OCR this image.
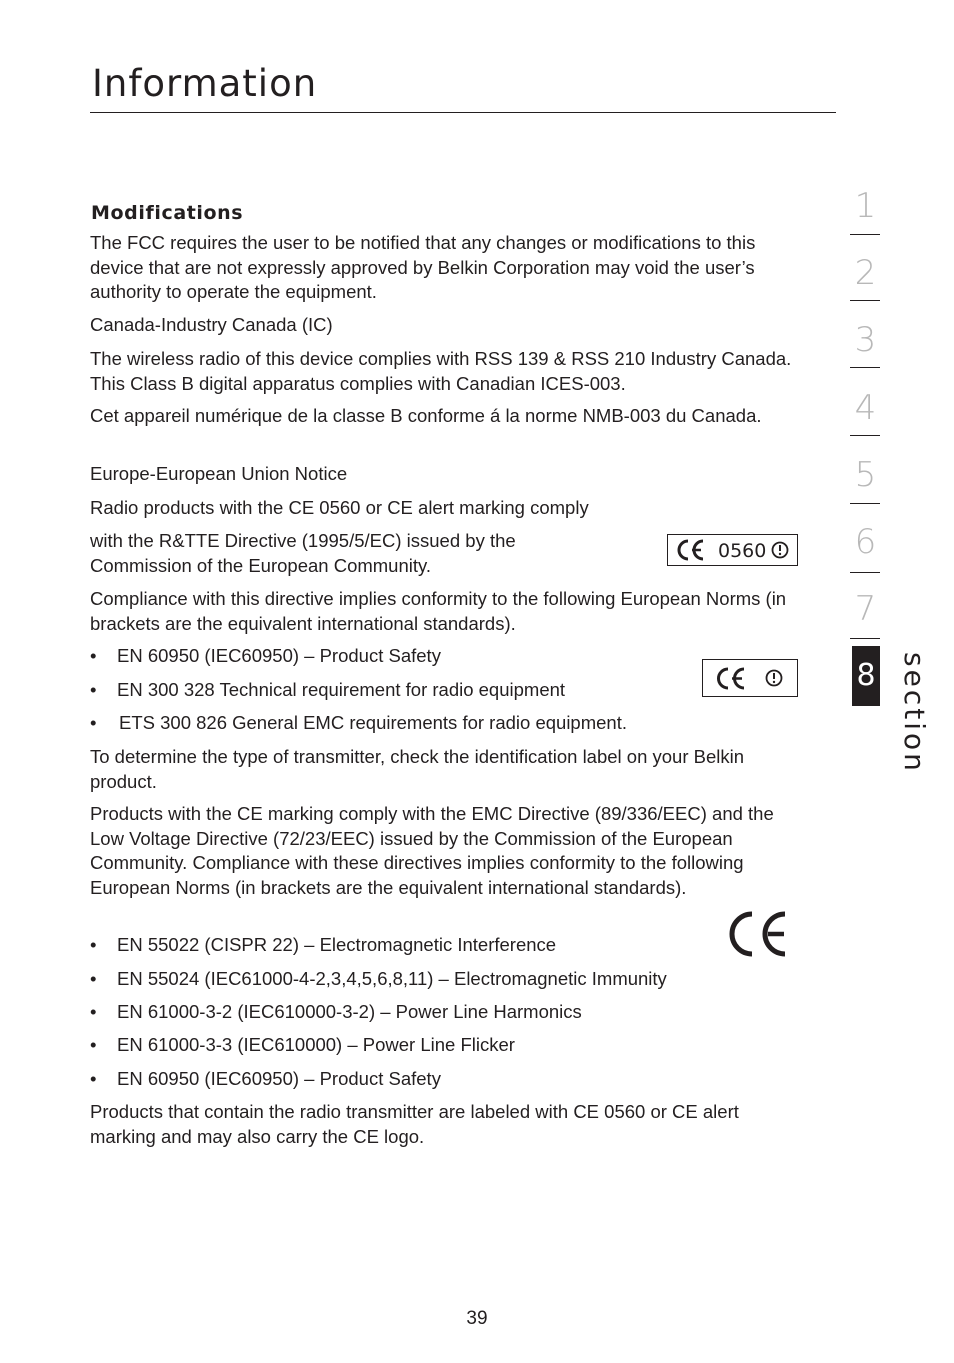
Information
Modifications

The FCC requires the user to be notified that any changes or modifications to this device that are not expressly approved by Belkin Corporation may void the user’s authority to operate the equipment.

Canada-Industry Canada (IC)

The wireless radio of this device complies with RSS 139 & RSS 210 Industry Canada. This Class B digital apparatus complies with Canadian ICES-003.

Cet appareil numérique de la classe B conforme á la norme NMB-003 du Canada.

Europe-European Union Notice

Radio products with the CE 0560 or CE alert marking comply

with the R&TTE Directive (1995/5/EC) issued by the Commission of the European Community.

0560

Compliance with this directive implies conformity to the following European Norms (in brackets are the equivalent international standards).

• EN 60950 (IEC60950) – Product Safety
• EN 300 328 Technical requirement for radio equipment
• ETS 300 826 General EMC requirements for radio equipment.

To determine the type of transmitter, check the identification label on your Belkin product.

Products with the CE marking comply with the EMC Directive (89/336/EEC) and the Low Voltage Directive (72/23/EEC) issued by the Commission of the European Community. Compliance with these directives implies conformity to the following European Norms (in brackets are the equivalent international standards).

• EN 55022 (CISPR 22) – Electromagnetic Interference
• EN 55024 (IEC61000-4-2,3,4,5,6,8,11) – Electromagnetic Immunity
• EN 61000-3-2 (IEC610000-3-2) – Power Line Harmonics
• EN 61000-3-3 (IEC610000) – Power Line Flicker
• EN 60950 (IEC60950) – Product Safety

Products that contain the radio transmitter are labeled with CE 0560 or CE alert marking and may also carry the CE logo.

1
2
3
4
5
6
7
8 section
39
